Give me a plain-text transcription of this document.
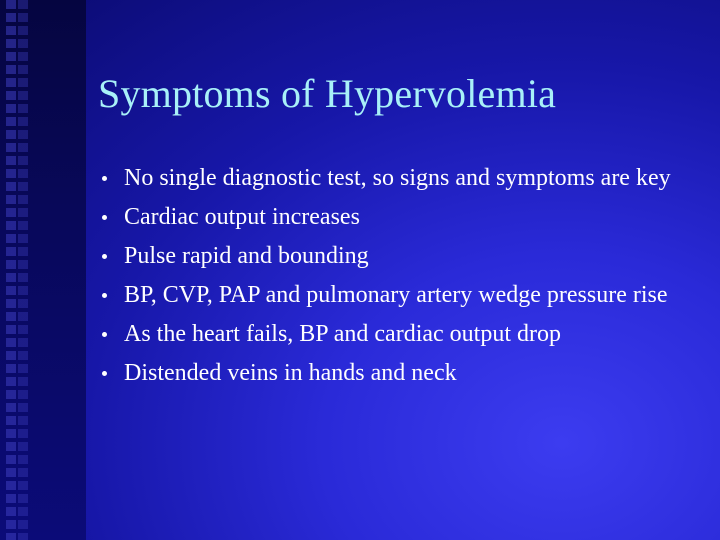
Symptoms of Hypervolemia
No single diagnostic test, so signs and symptoms are key
Cardiac output increases
Pulse rapid and bounding
BP, CVP, PAP and pulmonary artery wedge pressure rise
As the heart fails, BP and cardiac output drop
Distended veins in hands and neck
